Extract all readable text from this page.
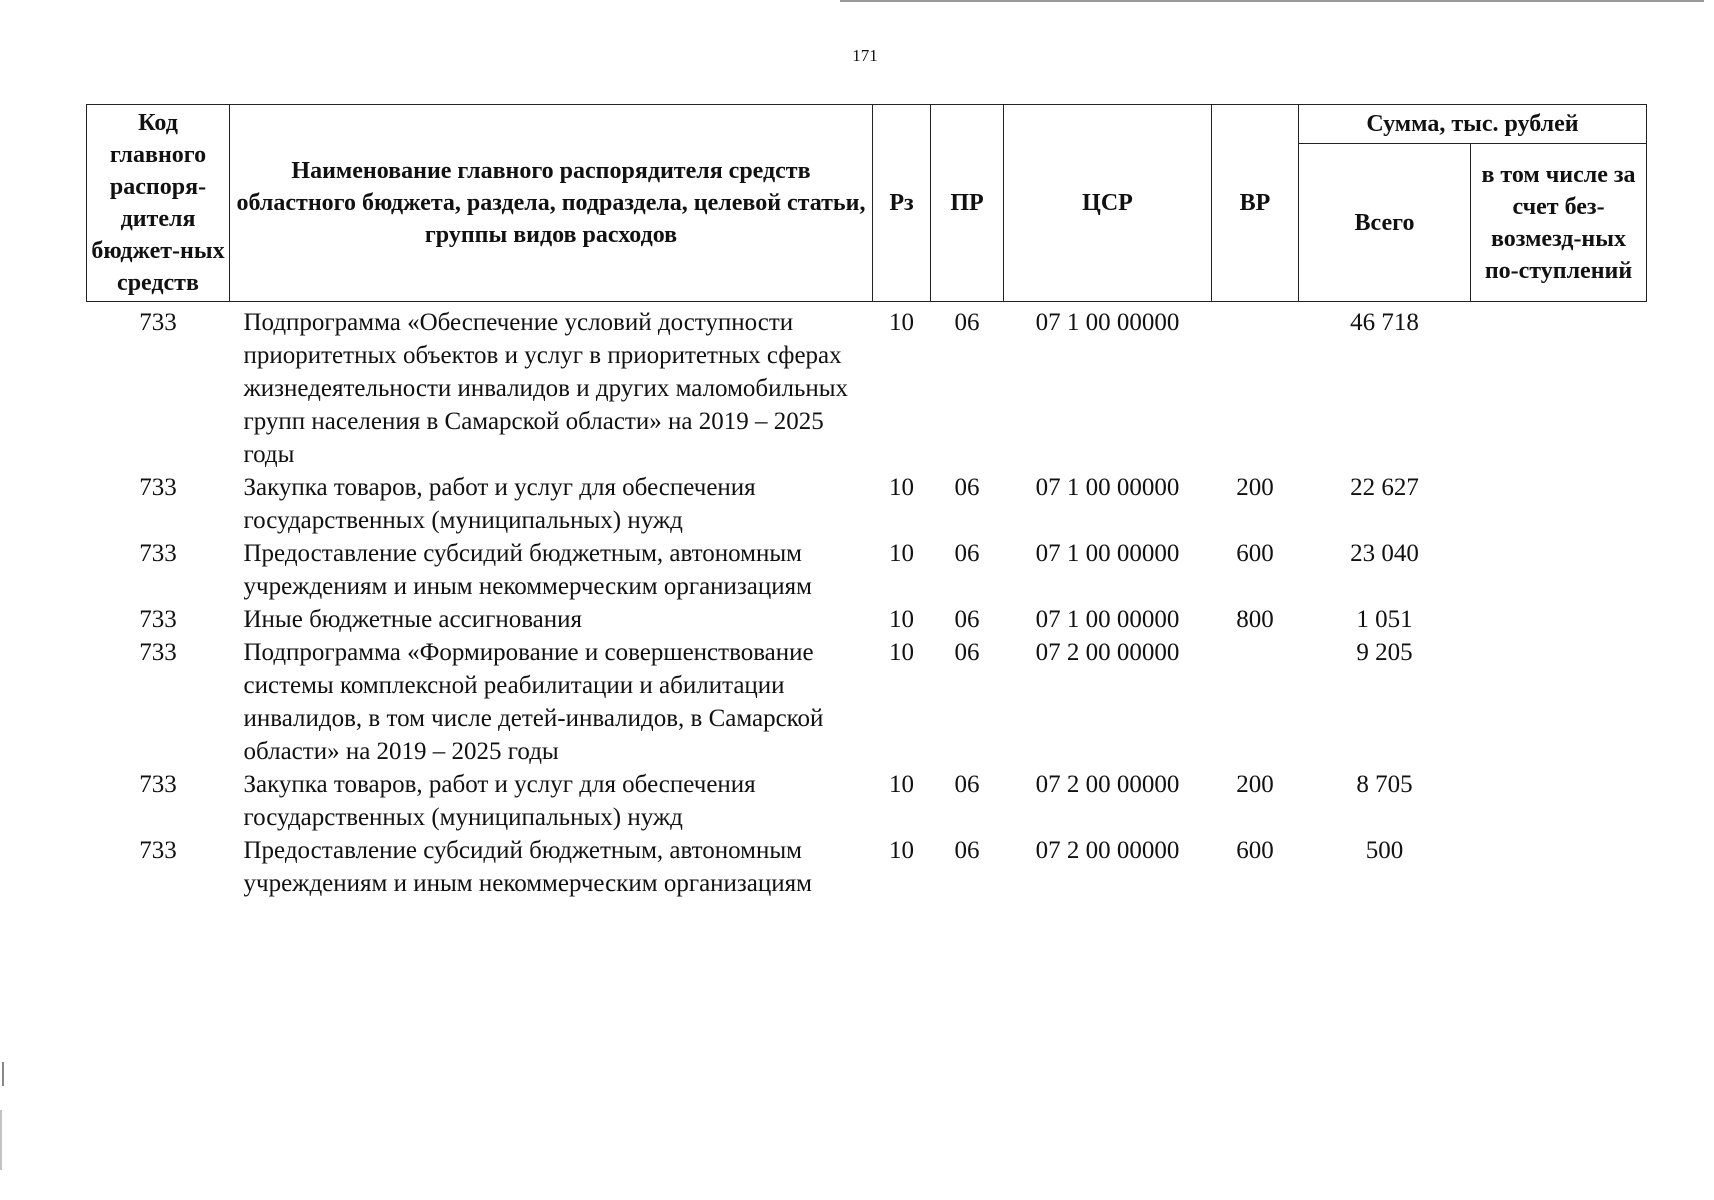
171
Код главного распоря-дителя бюджет-ных средств	Наименование главного распорядителя средств областного бюджета, раздела, подраздела, целевой статьи, группы видов расходов	Рз	ПР	ЦСР	ВР	Сумма, тыс. рублей	
						Всего	в том числе за счет без-возмезд-ных по-ступлений
733	Подпрограмма «Обеспечение условий доступности приоритетных объектов и услуг в приоритетных сферах жизнедеятельности инвалидов и других маломобильных групп населения в Самарской области» на 2019 – 2025 годы	10	06	07 1 00 00000		46 718	
733	Закупка товаров, работ и услуг для обеспечения государственных (муниципальных) нужд	10	06	07 1 00 00000	200	22 627	
733	Предоставление субсидий бюджетным, автономным учреждениям и иным некоммерческим организациям	10	06	07 1 00 00000	600	23 040	
733	Иные бюджетные ассигнования	10	06	07 1 00 00000	800	1 051	
733	Подпрограмма «Формирование и совершенствование системы комплексной реабилитации и абилитации инвалидов, в том числе детей-инвалидов, в Самарской области» на 2019 – 2025 годы	10	06	07 2 00 00000		9 205	
733	Закупка товаров, работ и услуг для обеспечения государственных (муниципальных) нужд	10	06	07 2 00 00000	200	8 705	
733	Предоставление субсидий бюджетным, автономным учреждениям и иным некоммерческим организациям	10	06	07 2 00 00000	600	500	
